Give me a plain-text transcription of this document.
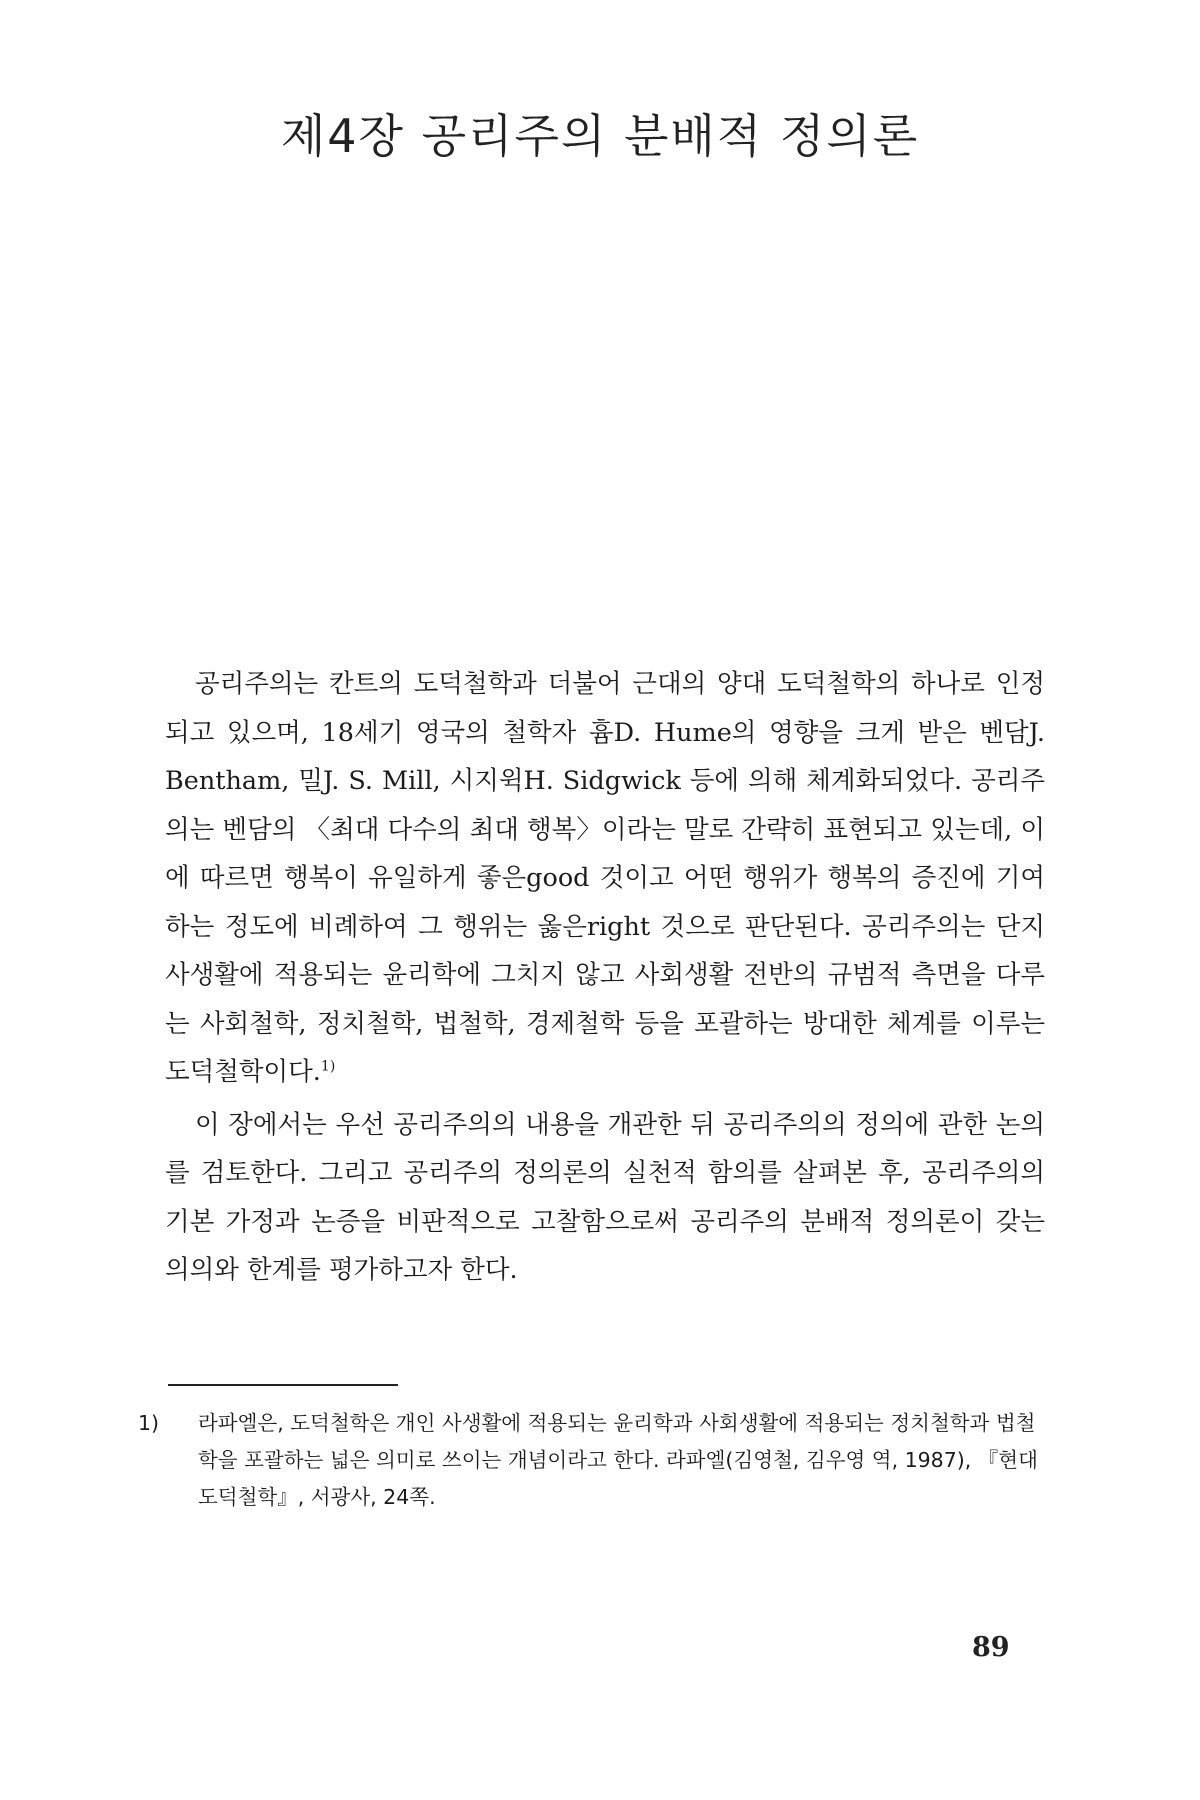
제4장 공리주의 분배적 정의론

공리주의는 칸트의 도덕철학과 더불어 근대의 양대 도덕철학의 하나로 인정되고 있으며, 18세기 영국의 철학자 흄D. Hume의 영향을 크게 받은 벤담J. Bentham, 밀J. S. Mill, 시지윅H. Sidgwick 등에 의해 체계화되었다. 공리주의는 벤담의 〈최대 다수의 최대 행복〉이라는 말로 간략히 표현되고 있는데, 이에 따르면 행복이 유일하게 좋은good 것이고 어떤 행위가 행복의 증진에 기여하는 정도에 비례하여 그 행위는 옳은right 것으로 판단된다. 공리주의는 단지 사생활에 적용되는 윤리학에 그치지 않고 사회생활 전반의 규범적 측면을 다루는 사회철학, 정치철학, 법철학, 경제철학 등을 포괄하는 방대한 체계를 이루는 도덕철학이다.$^{1)}$

이 장에서는 우선 공리주의의 내용을 개관한 뒤 공리주의의 정의에 관한 논의를 검토한다. 그리고 공리주의 정의론의 실천적 함의를 살펴본 후, 공리주의의 기본 가정과 논증을 비판적으로 고찰함으로써 공리주의 분배적 정의론이 갖는 의의와 한계를 평가하고자 한다.

1) 라파엘은, 도덕철학은 개인 사생활에 적용되는 윤리학과 사회생활에 적용되는 정치철학과 법철학을 포괄하는 넓은 의미로 쓰이는 개념이라고 한다. 라파엘(김영철, 김우영 역, 1987), 『현대도덕철학』, 서광사, 24쪽.
89
